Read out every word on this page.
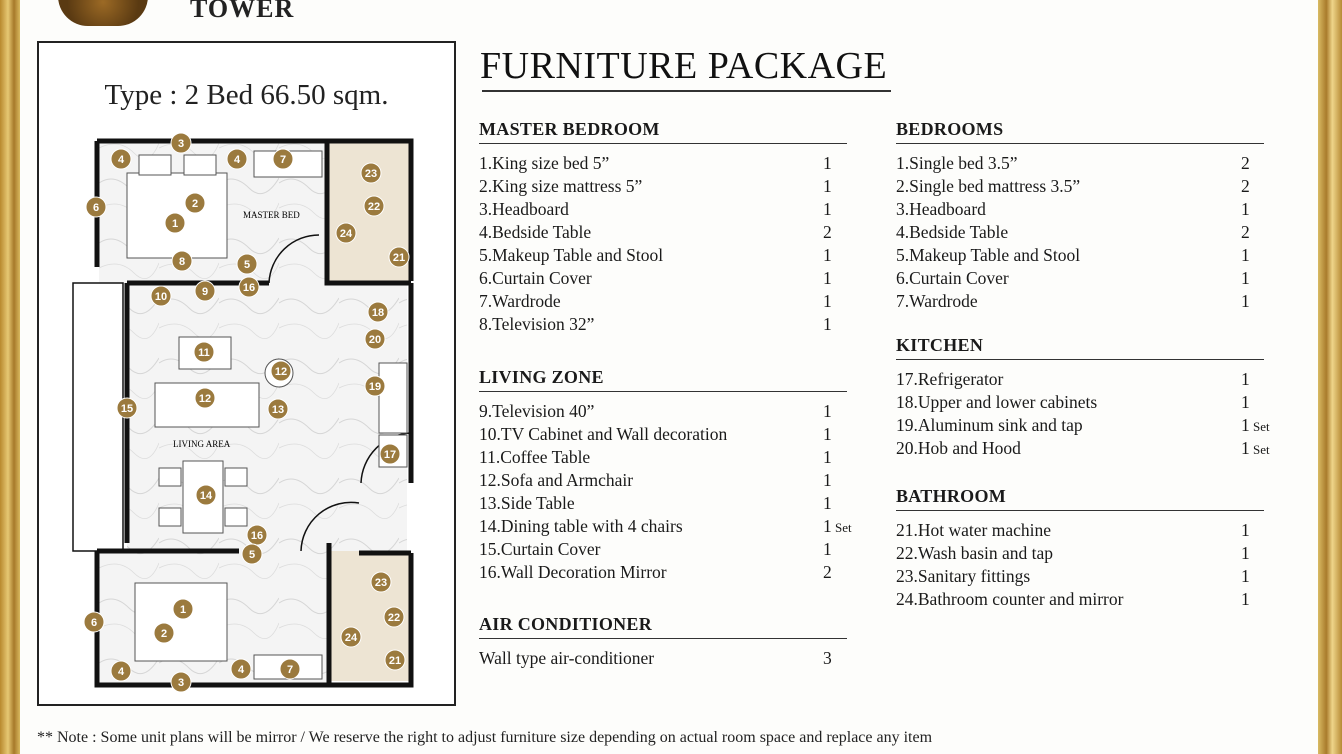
TOWER
Type : 2 Bed 66.50 sqm.
MASTER BED
LIVING AREA
3
4	4	7
6
1
2
23
22
24
21
8	5
10	9	16
11
12
12
13
15
18
20
19
17
14
16
5
23
22
24
21
1
2
6
4	4	7
3
FURNITURE PACKAGE
MASTER BEDROOM
1.King size bed 5”	1
2.King size mattress 5”	1
3.Headboard	1
4.Bedside Table	2
5.Makeup Table and Stool	1
6.Curtain Cover	1
7.Wardrode	1
8.Television 32”	1
LIVING ZONE
9.Television 40”	1
10.TV Cabinet and Wall decoration	1
11.Coffee Table	1
12.Sofa and Armchair	1
13.Side Table	1
14.Dining table with 4 chairs	1 Set
15.Curtain Cover	1
16.Wall Decoration Mirror	2
AIR CONDITIONER
Wall type air-conditioner	3
BEDROOMS
1.Single bed 3.5”	2
2.Single bed mattress 3.5”	2
3.Headboard	1
4.Bedside Table	2
5.Makeup Table and Stool	1
6.Curtain Cover	1
7.Wardrode	1
KITCHEN
17.Refrigerator	1
18.Upper and lower cabinets	1
19.Aluminum sink and tap	1 Set
20.Hob and Hood	1 Set
BATHROOM
21.Hot water machine	1
22.Wash basin and tap	1
23.Sanitary fittings	1
24.Bathroom counter and mirror	1
** Note : Some unit plans will be mirror / We reserve the right to adjust furniture size depending on actual room space and replace any item
